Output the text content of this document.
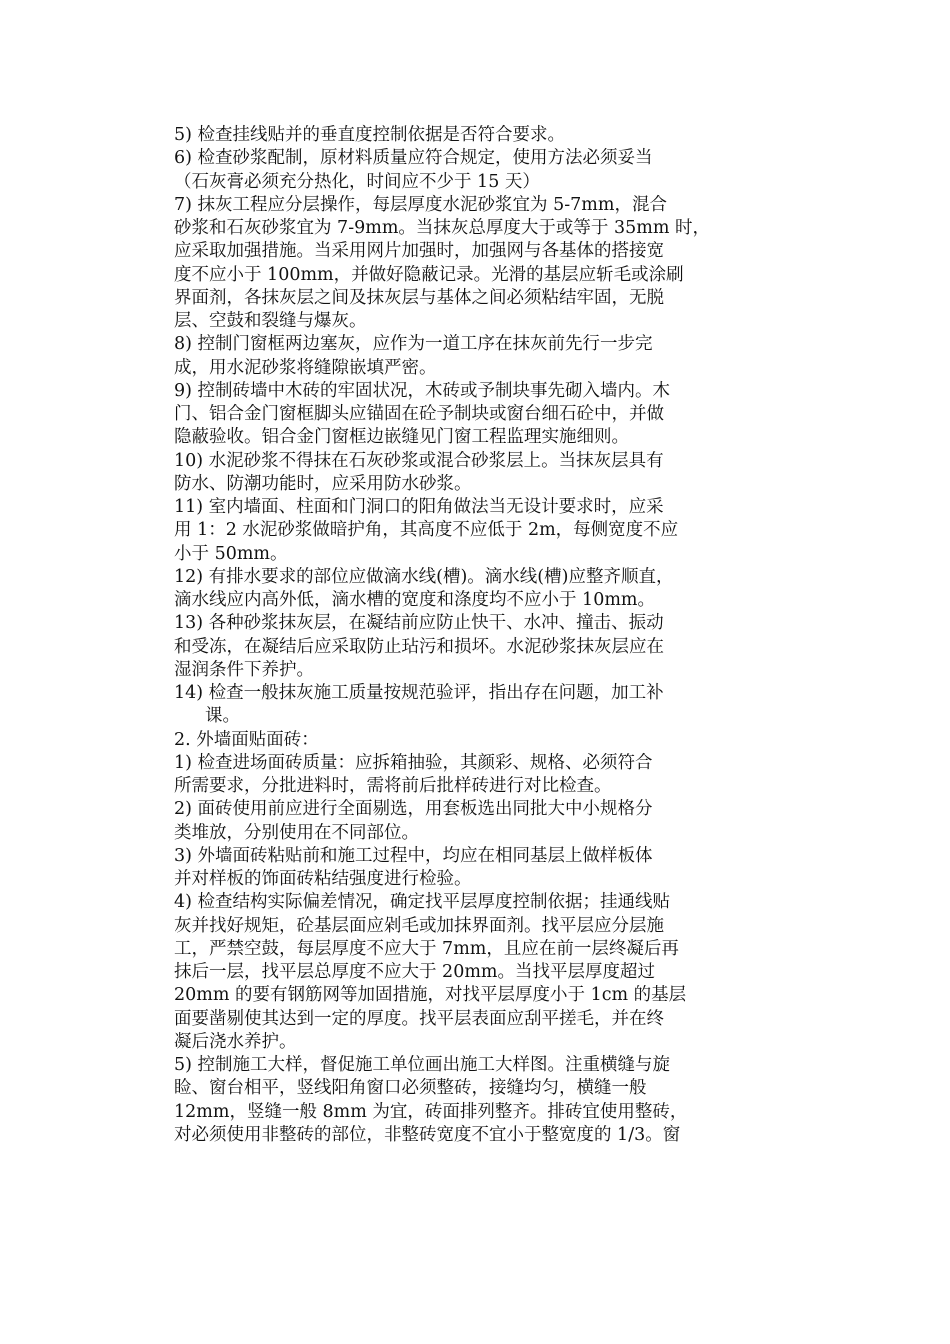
5) 检查挂线贴并的垂直度控制依据是否符合要求。
6) 检查砂浆配制，原材料质量应符合规定，使用方法必须妥当
（石灰膏必须充分热化，时间应不少于 15 天）
7) 抹灰工程应分层操作，每层厚度水泥砂浆宜为 5-7mm，混合
砂浆和石灰砂浆宜为 7-9mm。当抹灰总厚度大于或等于 35mm 时，
应采取加强措施。当采用网片加强时，加强网与各基体的搭接宽
度不应小于 100mm，并做好隐蔽记录。光滑的基层应斩毛或涂刷
界面剂，各抹灰层之间及抹灰层与基体之间必须粘结牢固，无脱
层、空鼓和裂缝与爆灰。
8) 控制门窗框两边塞灰，应作为一道工序在抹灰前先行一步完
成，用水泥砂浆将缝隙嵌填严密。
9) 控制砖墙中木砖的牢固状况，木砖或予制块事先砌入墙内。木
门、铝合金门窗框脚头应锚固在砼予制块或窗台细石砼中，并做
隐蔽验收。铝合金门窗框边嵌缝见门窗工程监理实施细则。
10) 水泥砂浆不得抹在石灰砂浆或混合砂浆层上。当抹灰层具有
防水、防潮功能时，应采用防水砂浆。
11) 室内墙面、柱面和门洞口的阳角做法当无设计要求时，应采
用 1：2 水泥砂浆做暗护角，其高度不应低于 2m，每侧宽度不应
小于 50mm。
12) 有排水要求的部位应做滴水线(槽)。滴水线(槽)应整齐顺直，
滴水线应内高外低，滴水槽的宽度和涤度均不应小于 10mm。
13) 各种砂浆抹灰层，在凝结前应防止快干、水冲、撞击、振动
和受冻，在凝结后应采取防止玷污和损坏。水泥砂浆抹灰层应在
湿润条件下养护。
14) 检查一般抹灰施工质量按规范验评，指出存在问题，加工补
课。
2. 外墙面贴面砖：
1) 检查进场面砖质量：应拆箱抽验，其颜彩、规格、必须符合
所需要求，分批进料时，需将前后批样砖进行对比检查。
2) 面砖使用前应进行全面剔选，用套板选出同批大中小规格分
类堆放，分别使用在不同部位。
3) 外墙面砖粘贴前和施工过程中，均应在相同基层上做样板体
并对样板的饰面砖粘结强度进行检验。
4) 检查结构实际偏差情况，确定找平层厚度控制依据；挂通线贴
灰并找好规矩，砼基层面应剁毛或加抹界面剂。找平层应分层施
工，严禁空鼓，每层厚度不应大于 7mm，且应在前一层终凝后再
抹后一层，找平层总厚度不应大于 20mm。当找平层厚度超过
20mm 的要有钢筋网等加固措施，对找平层厚度小于 1cm 的基层
面要凿剔使其达到一定的厚度。找平层表面应刮平搓毛，并在终
凝后浇水养护。
5) 控制施工大样，督促施工单位画出施工大样图。注重横缝与旋
睑、窗台相平，竖线阳角窗口必须整砖，接缝均匀，横缝一般
12mm，竖缝一般 8mm 为宜，砖面排列整齐。排砖宜使用整砖，
对必须使用非整砖的部位，非整砖宽度不宜小于整宽度的 1/3。窗
